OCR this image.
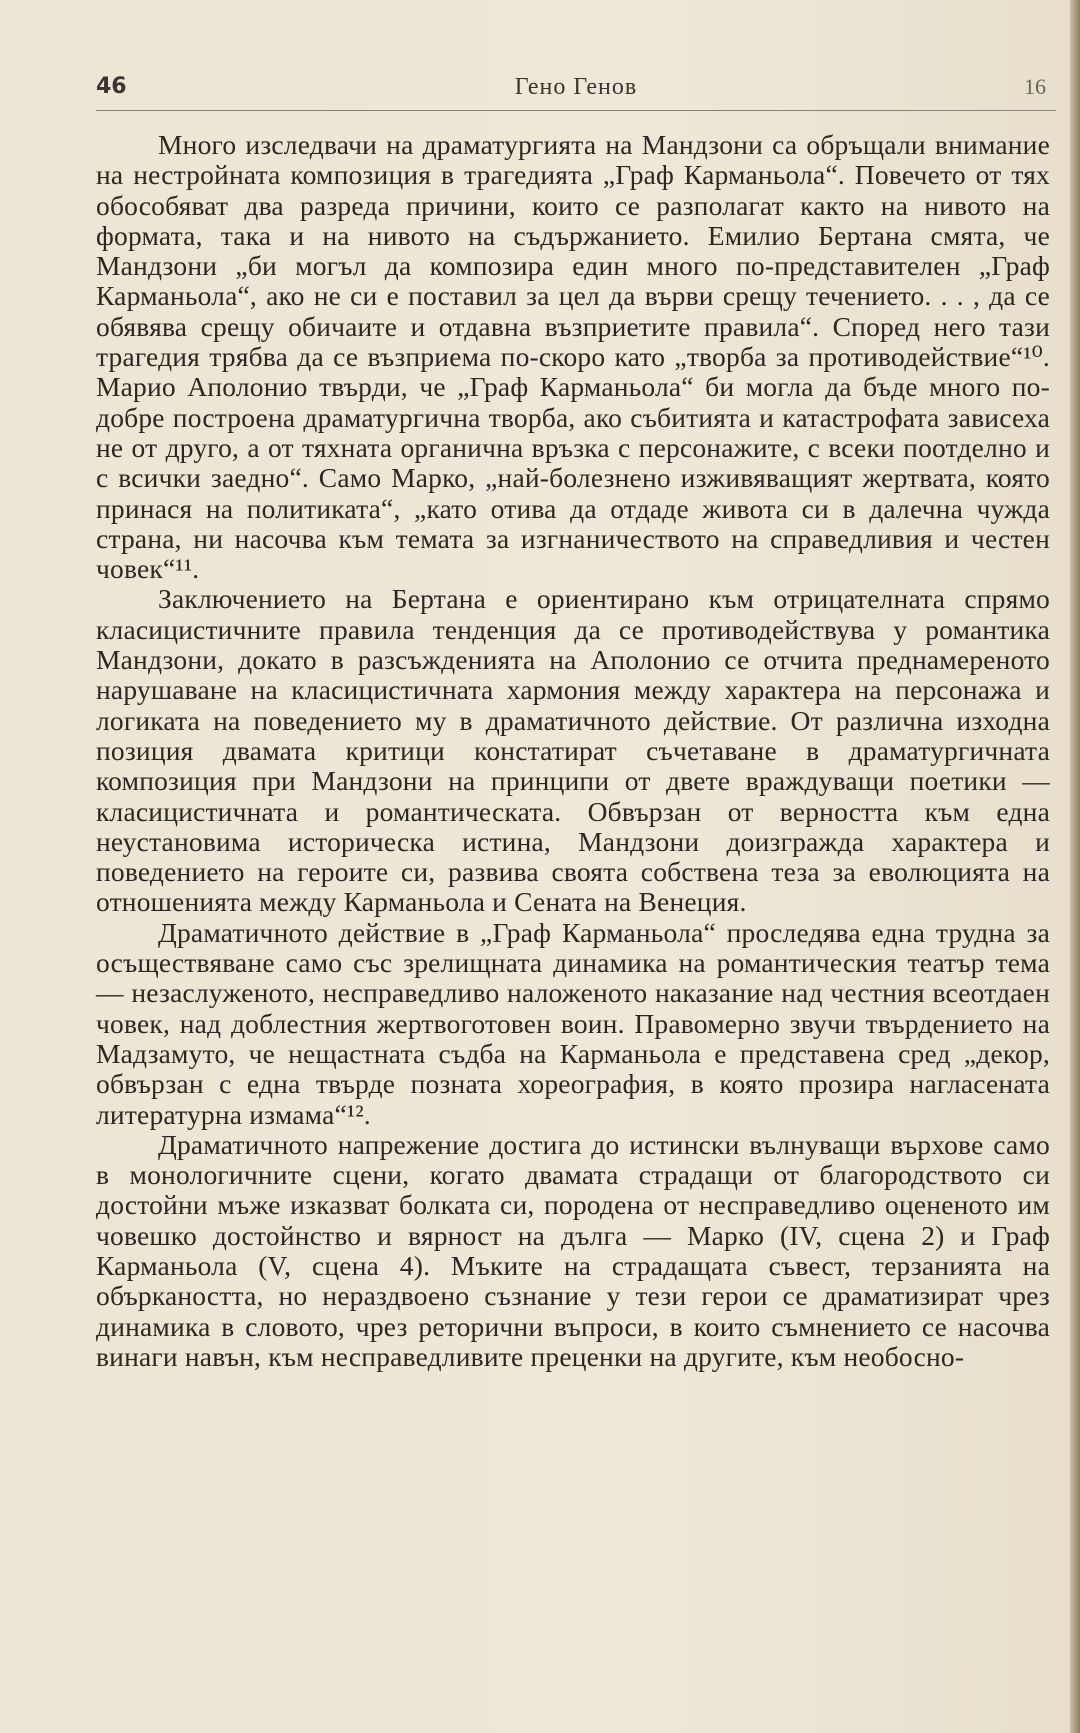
46	Гено Генов	16

Много изследвачи на драматургията на Мандзони са обръщали внимание на нестройната композиция в трагедията „Граф Карманьола“. Повечето от тях обособяват два разреда причини, които се разполагат както на нивото на формата, така и на нивото на съдържанието. Емилио Бертана смята, че Мандзони „би могъл да композира един много по-представителен „Граф Карманьола“, ако не си е поставил за цел да върви срещу течението. . . , да се обявява срещу обичаите и отдавна възприетите правила“. Според него тази трагедия трябва да се възприема по-скоро като „творба за противодействие“¹⁰. Марио Аполонио твърди, че „Граф Карманьола“ би могла да бъде много по-добре построена драматургична творба, ако събитията и катастрофата зависеха не от друго, а от тяхната органична връзка с персонажите, с всеки поотделно и с всички заедно“. Само Марко, „най-болезнено изживяващият жертвата, която принася на политиката“, „като отива да отдаде живота си в далечна чужда страна, ни насочва към темата за изгнаничеството на справедливия и честен човек“¹¹.

Заключението на Бертана е ориентирано към отрицателната спрямо класицистичните правила тенденция да се противодействува у романтика Мандзони, докато в разсъжденията на Аполонио се отчита преднамереното нарушаване на класицистичната хармония между характера на персонажа и логиката на поведението му в драматичното действие. От различна изходна позиция двамата критици констатират съчетаване в драматургичната композиция при Мандзони на принципи от двете враждуващи поетики — класицистичната и романтическата. Обвързан от верността към една неустановима историческа истина, Мандзони доизгражда характера и поведението на героите си, развива своята собствена теза за еволюцията на отношенията между Карманьола и Сената на Венеция.

Драматичното действие в „Граф Карманьола“ проследява една трудна за осъществяване само със зрелищната динамика на романтическия театър тема — незаслуженото, несправедливо наложеното наказание над честния всеотдаен човек, над доблестния жертвоготовен воин. Правомерно звучи твърдението на Мадзамуто, че нещастната съдба на Карманьола е представена сред „декор, обвързан с една твърде позната хореография, в която прозира нагласената литературна измама“¹².

Драматичното напрежение достига до истински вълнуващи върхове само в монологичните сцени, когато двамата страдащи от благородството си достойни мъже изказват болката си, породена от несправедливо оцененото им човешко достойнство и вярност на дълга — Марко (IV, сцена 2) и Граф Карманьола (V, сцена 4). Мъките на страдащата съвест, терзанията на объркаността, но нераздвоено съзнание у тези герои се драматизират чрез динамика в словото, чрез реторични въпроси, в които съмнението се насочва винаги навън, към несправедливите преценки на другите, към необосно-
